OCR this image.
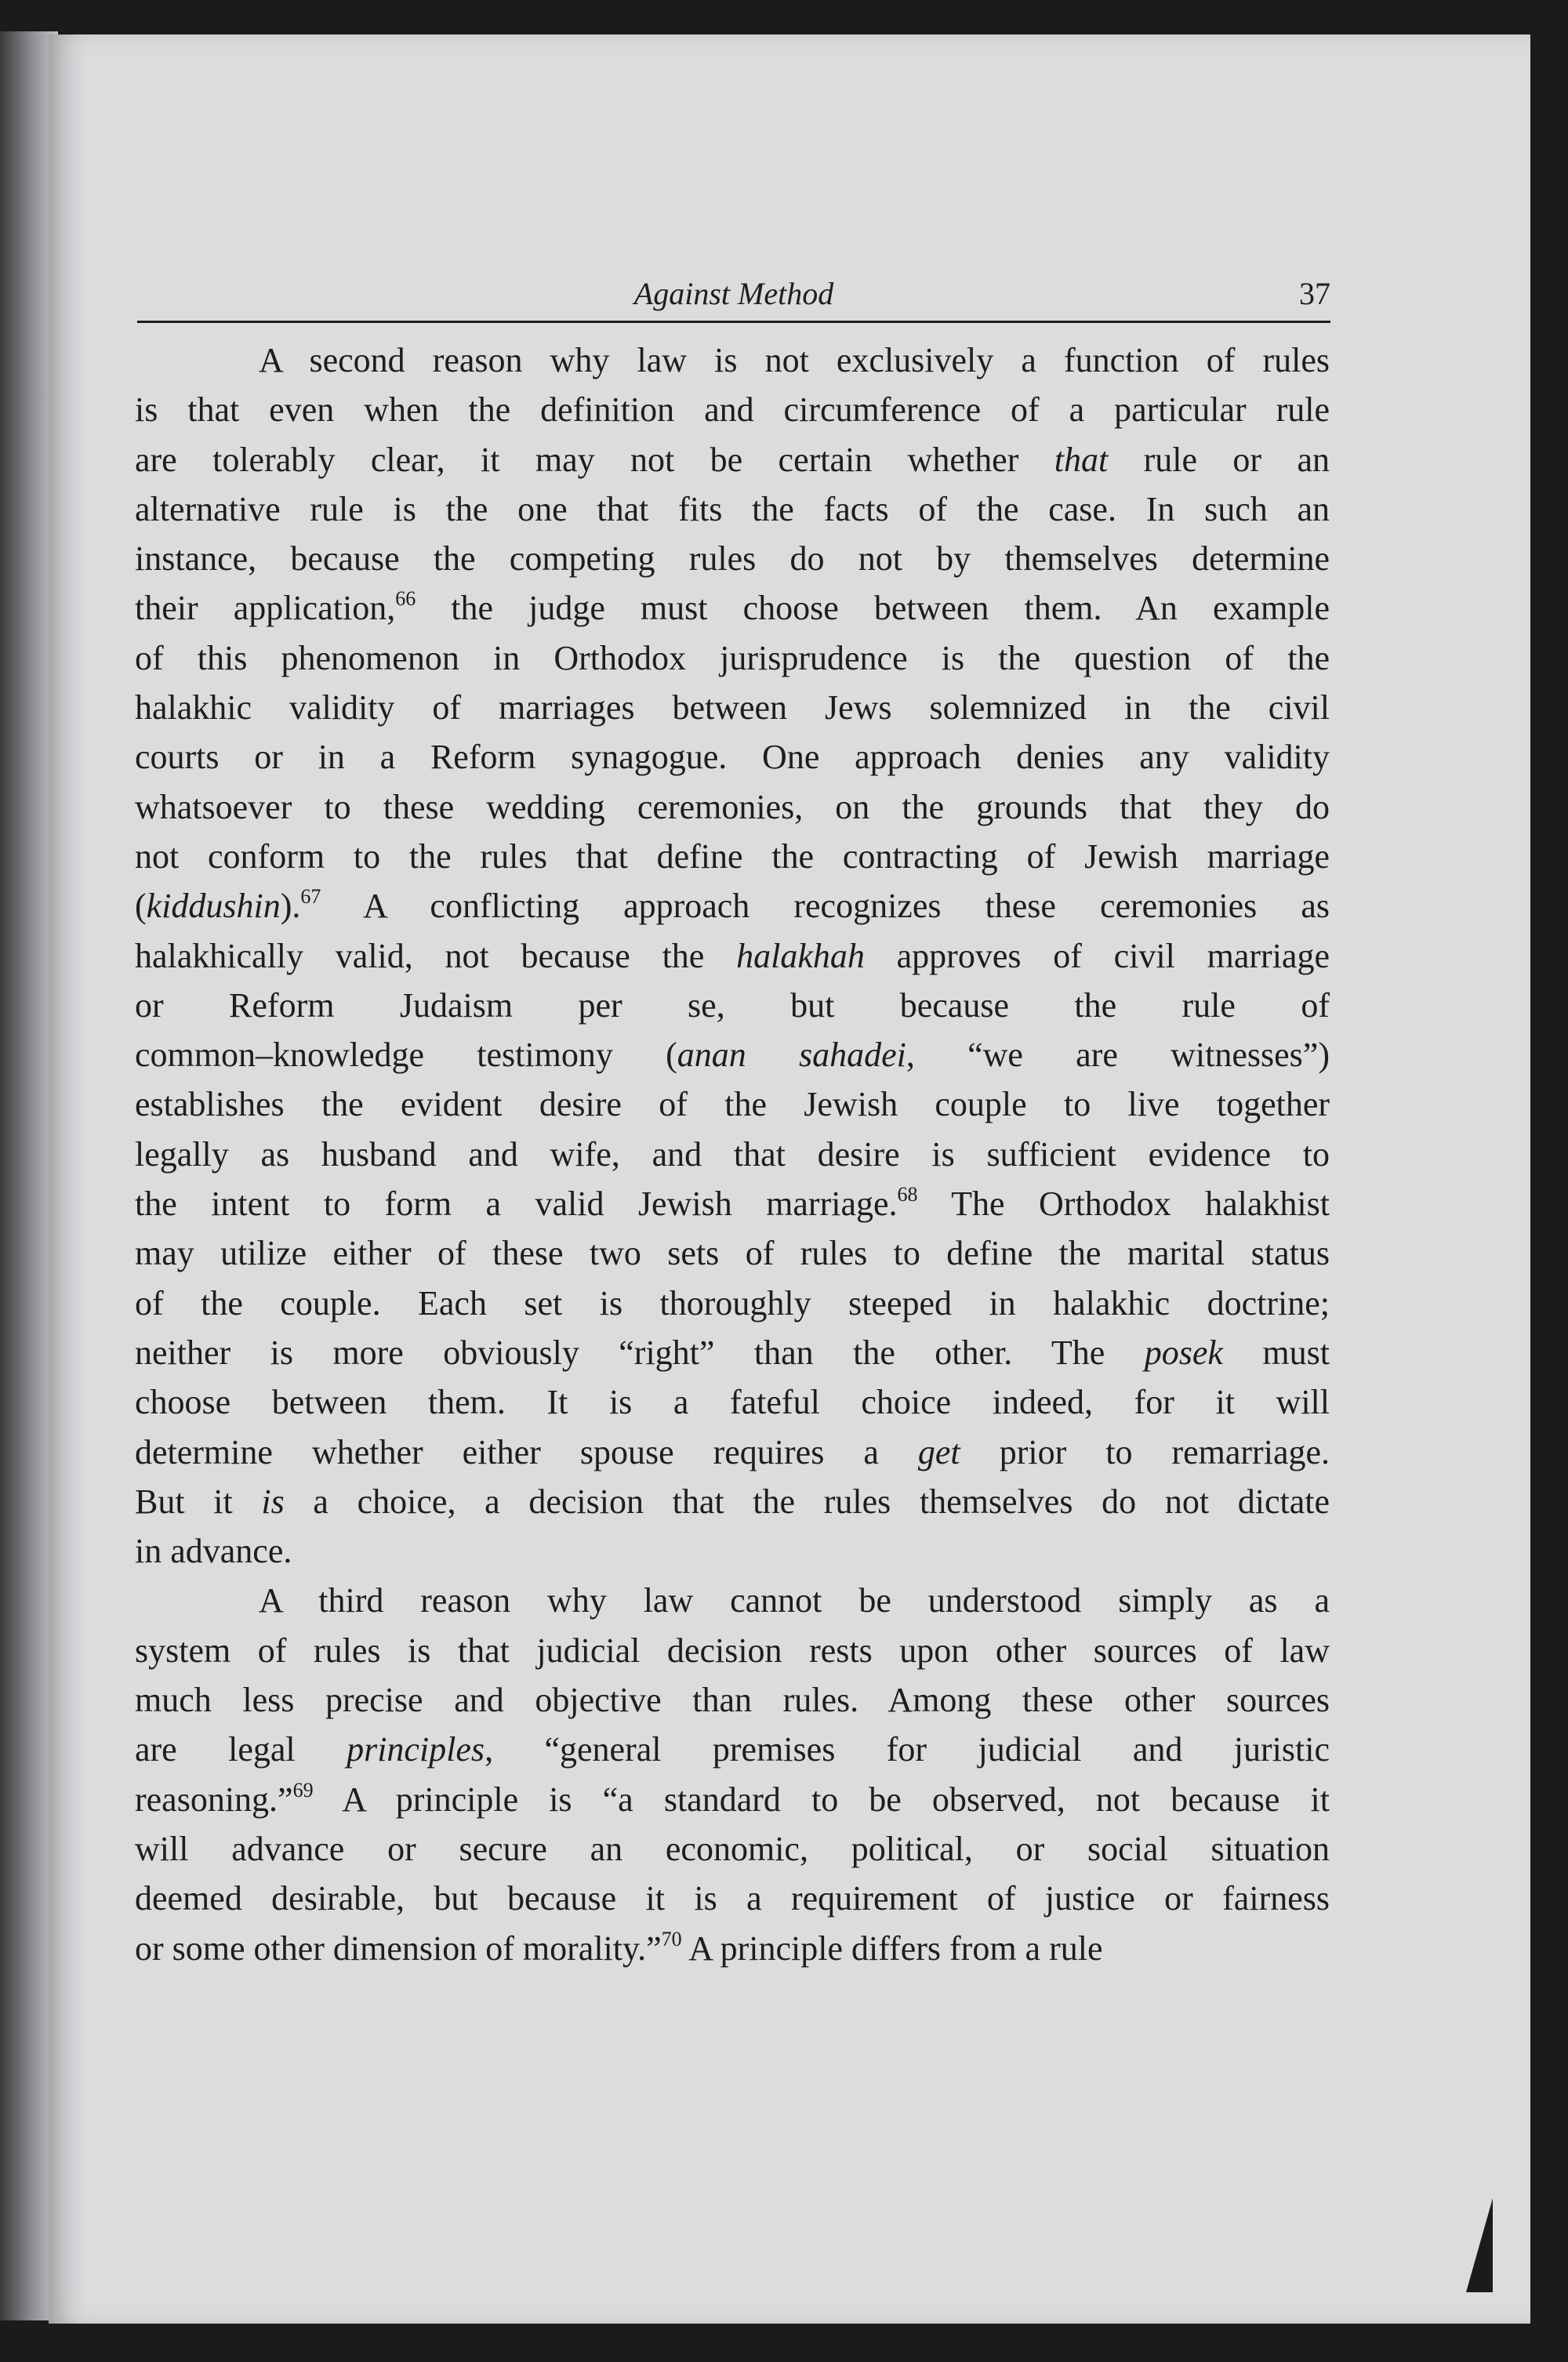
Against Method	37
A second reason why law is not exclusively a function of rules
is that even when the definition and circumference of a particular rule
are tolerably clear, it may not be certain whether that rule or an
alternative rule is the one that fits the facts of the case. In such an
instance, because the competing rules do not by themselves determine
their application,$^{66}$ the judge must choose between them. An example
of this phenomenon in Orthodox jurisprudence is the question of the
halakhic validity of marriages between Jews solemnized in the civil
courts or in a Reform synagogue. One approach denies any validity
whatsoever to these wedding ceremonies, on the grounds that they do
not conform to the rules that define the contracting of Jewish marriage
(kiddushin).$^{67}$ A conflicting approach recognizes these ceremonies as
halakhically valid, not because the halakhah approves of civil marriage
or Reform Judaism per se, but because the rule of
common–knowledge testimony (anan sahadei, “we are witnesses”)
establishes the evident desire of the Jewish couple to live together
legally as husband and wife, and that desire is sufficient evidence to
the intent to form a valid Jewish marriage.$^{68}$ The Orthodox halakhist
may utilize either of these two sets of rules to define the marital status
of the couple. Each set is thoroughly steeped in halakhic doctrine;
neither is more obviously “right” than the other. The posek must
choose between them. It is a fateful choice indeed, for it will
determine whether either spouse requires a get prior to remarriage.
But it is a choice, a decision that the rules themselves do not dictate
in advance.
A third reason why law cannot be understood simply as a
system of rules is that judicial decision rests upon other sources of law
much less precise and objective than rules. Among these other sources
are legal principles, “general premises for judicial and juristic
reasoning.”$^{69}$ A principle is “a standard to be observed, not because it
will advance or secure an economic, political, or social situation
deemed desirable, but because it is a requirement of justice or fairness
or some other dimension of morality.”$^{70}$ A principle differs from a rule
